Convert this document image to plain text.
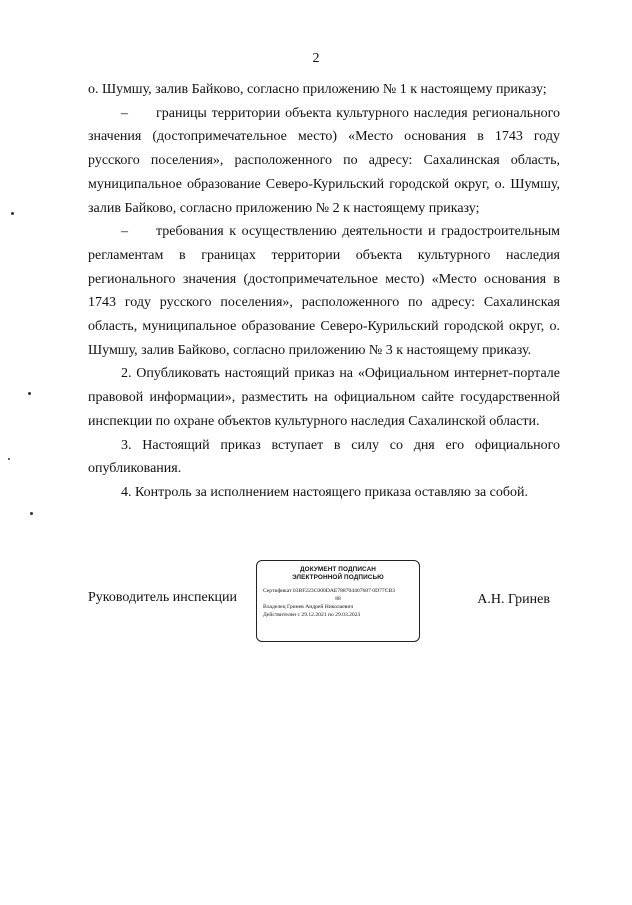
2

о. Шумшу, залив Байково, согласно приложению № 1 к настоящему приказу;

–  границы территории объекта культурного наследия регионального значения (достопримечательное место) «Место основания в 1743 году русского поселения», расположенного по адресу: Сахалинская область, муниципальное образование Северо-Курильский городской округ, о. Шумшу, залив Байково, согласно приложению № 2 к настоящему приказу;

–  требования к осуществлению деятельности и градостроительным регламентам в границах территории объекта культурного наследия регионального значения (достопримечательное место) «Место основания в 1743 году русского поселения», расположенного по адресу: Сахалинская область, муниципальное образование Северо-Курильский городской округ, о. Шумшу, залив Байково, согласно приложению № 3 к настоящему приказу.

2. Опубликовать настоящий приказ на «Официальном интернет-портале правовой информации», разместить на официальном сайте государственной инспекции по охране объектов культурного наследия Сахалинской области.

3. Настоящий приказ вступает в силу со дня его официального опубликования.

4. Контроль за исполнением настоящего приказа оставляю за собой.

Руководитель инспекции
ДОКУМЕНТ ПОДПИСАН
ЭЛЕКТРОННОЙ ПОДПИСЬЮ
Сертификат 03BF223C000DAE788704407687 0D77CB3
88
Владелец Гринев Андрей Николаевич
Действителен с 29.12.2021 по 29.03.2023
А.Н. Гринев
